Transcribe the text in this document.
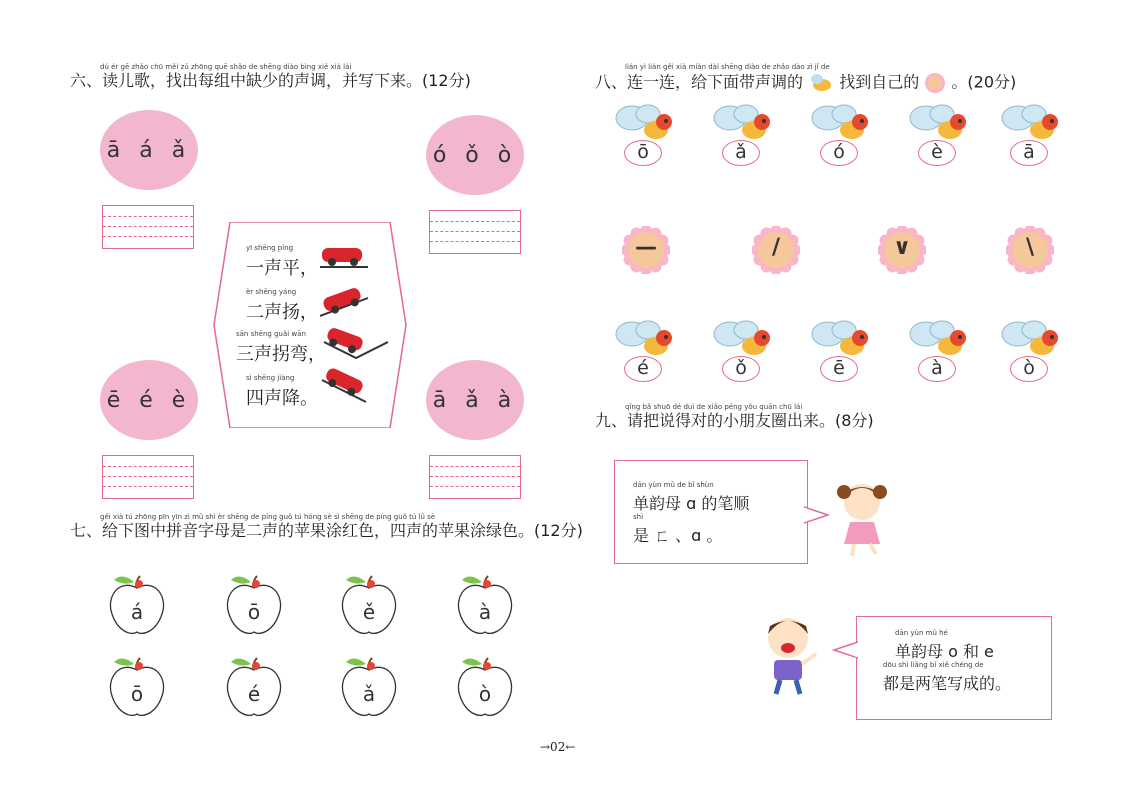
dú ér gē zhǎo chū měi zǔ zhōng quē shǎo de shēng diào bìng xiě xià lái
六、读儿歌，找出每组中缺少的声调，并写下来。(12分)
ā á ǎ	ó ǒ ò
ē é è	ā ǎ à
yī shēng píng
一声平，
èr shēng yáng
二声扬，
sān shēng guǎi wān
三声拐弯，
sì shēng jiàng
四声降。
gěi xià tú zhōng pīn yīn zì mǔ shì èr shēng de píng guǒ tú hóng sè sì shēng de píng guǒ tú lǜ sè
七、给下图中拼音字母是二声的苹果涂红色，四声的苹果涂绿色。(12分)
á	ō	ě	à
ō	é	ǎ	ò
lián yì lián gěi xià miàn dài shēng diào de zhǎo dào zì jǐ de
八、连一连，给下面带声调的 找到自己的 。(20分)
ō	ǎ	ó	è	ā
—	/	∨	\
é	ǒ	ē	à	ò
qǐng bǎ shuō dé duì de xiǎo péng yǒu quān chū lái
九、请把说得对的小朋友圈出来。(8分)
dān yùn mǔ de bǐ shùn
单韵母 ɑ 的笔顺
shì
是 ㄈ 、ɑ 。
dān yùn mǔ hé
单韵母 o 和 e
dōu shì liǎng bǐ xiě chéng de
都是两笔写成的。
→02←
